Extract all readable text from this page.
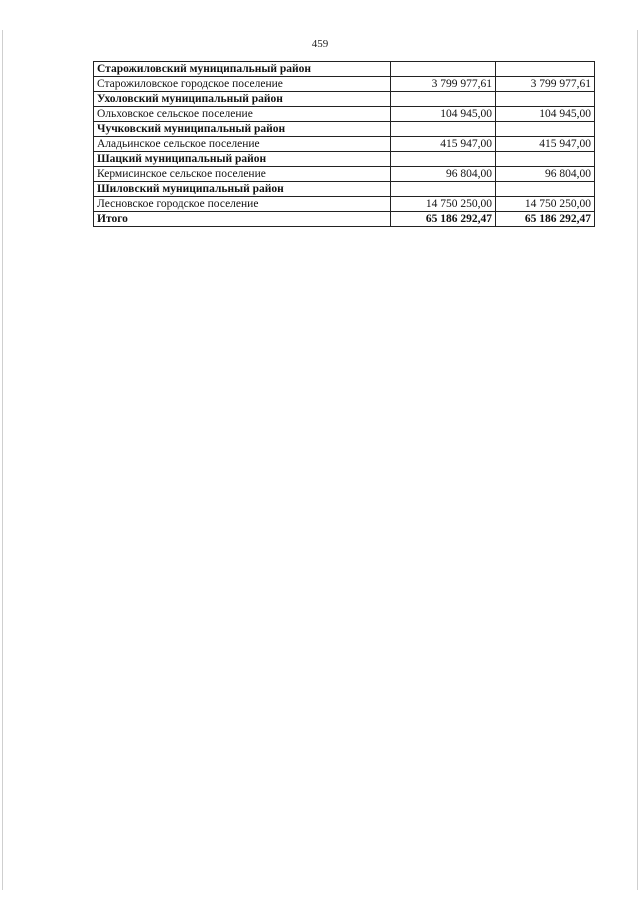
459
Старожиловский муниципальный район		
Старожиловское городское поселение	3 799 977,61	3 799 977,61
Ухоловский муниципальный район		
Ольховское сельское поселение	104 945,00	104 945,00
Чучковский муниципальный район		
Аладьинское сельское поселение	415 947,00	415 947,00
Шацкий муниципальный район		
Кермисинское сельское поселение	96 804,00	96 804,00
Шиловский муниципальный район		
Лесновское городское поселение	14 750 250,00	14 750 250,00
Итого	65 186 292,47	65 186 292,47
